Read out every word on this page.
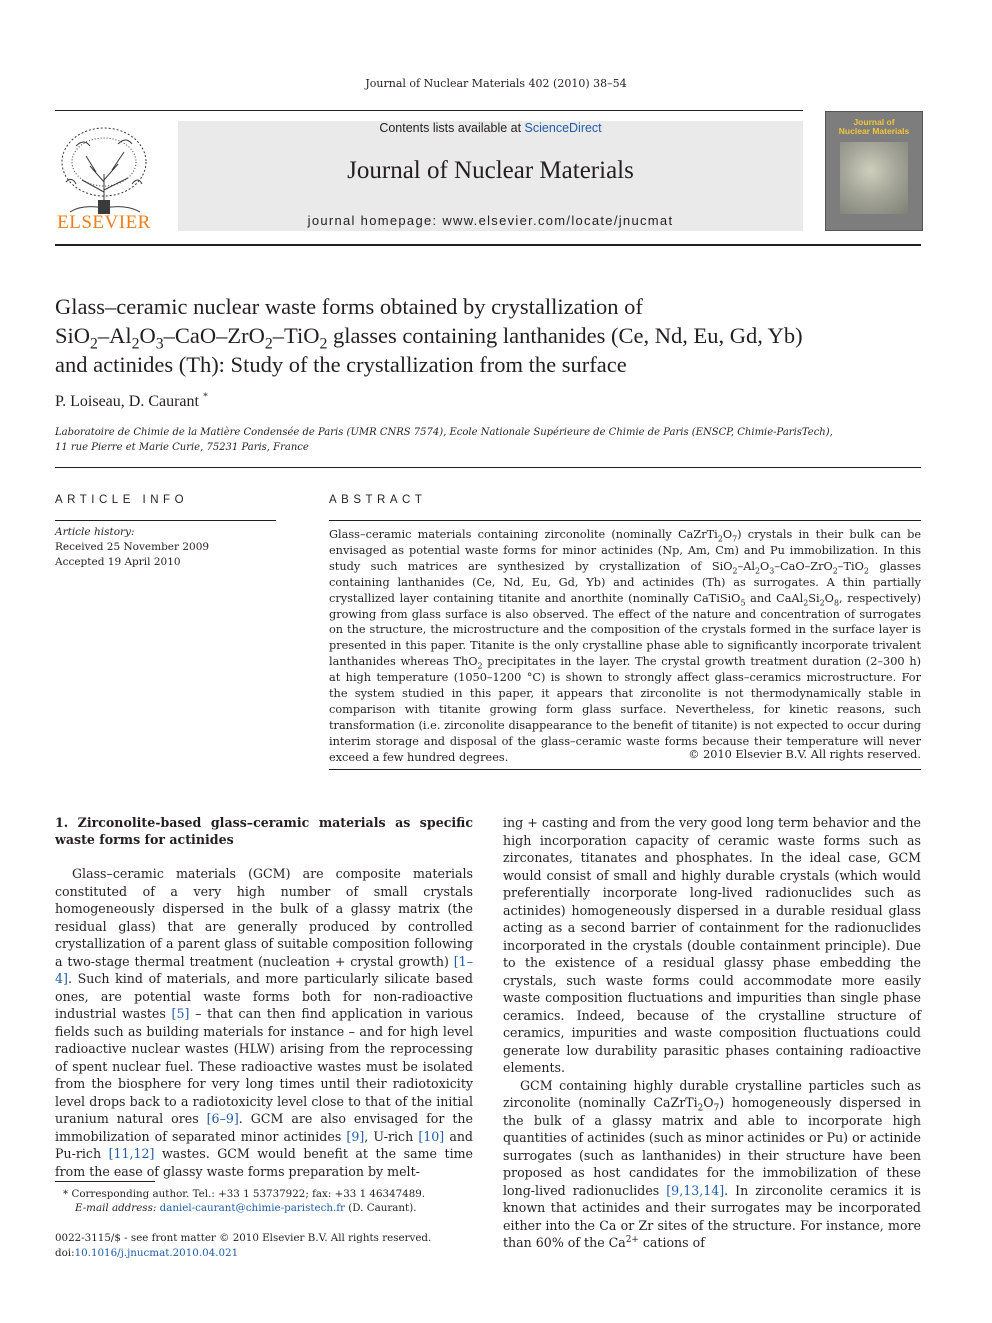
Journal of Nuclear Materials 402 (2010) 38–54
ELSEVIER
Contents lists available at ScienceDirect
Journal of Nuclear Materials
journal homepage: www.elsevier.com/locate/jnucmat
Journal of
Nuclear Materials
Glass–ceramic nuclear waste forms obtained by crystallization of
$SiO_2-Al_2O_3-CaO-ZrO_2-TiO_2$ glasses containing lanthanides (Ce, Nd, Eu, Gd, Yb)
and actinides (Th): Study of the crystallization from the surface
P. Loiseau, D. Caurant *
Laboratoire de Chimie de la Matière Condensée de Paris (UMR CNRS 7574), Ecole Nationale Supérieure de Chimie de Paris (ENSCP, Chimie-ParisTech),
11 rue Pierre et Marie Curie, 75231 Paris, France
ARTICLE INFO	ABSTRACT
Article history:
Received 25 November 2009
Accepted 19 April 2010
Glass–ceramic materials containing zirconolite (nominally $CaZrTi_2O_7$) crystals in their bulk can be envisaged as potential waste forms for minor actinides (Np, Am, Cm) and Pu immobilization. In this study such matrices are synthesized by crystallization of $SiO_2-Al_2O_3-CaO-ZrO_2-TiO_2$ glasses containing lanthanides (Ce, Nd, Eu, Gd, Yb) and actinides (Th) as surrogates. A thin partially crystallized layer containing titanite and anorthite (nominally CaTiSiO$_5$ and $CaAl_2Si_2O_8$, respectively) growing from glass surface is also observed. The effect of the nature and concentration of surrogates on the structure, the microstructure and the composition of the crystals formed in the surface layer is presented in this paper. Titanite is the only crystalline phase able to significantly incorporate trivalent lanthanides whereas ThO$_2$ precipitates in the layer. The crystal growth treatment duration (2–300 h) at high temperature (1050–1200 °C) is shown to strongly affect glass–ceramics microstructure. For the system studied in this paper, it appears that zirconolite is not thermodynamically stable in comparison with titanite growing form glass surface. Nevertheless, for kinetic reasons, such transformation (i.e. zirconolite disappearance to the benefit of titanite) is not expected to occur during interim storage and disposal of the glass–ceramic waste forms because their temperature will never exceed a few hundred degrees.	© 2010 Elsevier B.V. All rights reserved.

1. Zirconolite-based glass–ceramic materials as specific waste forms for actinides

Glass–ceramic materials (GCM) are composite materials constituted of a very high number of small crystals homogeneously dispersed in the bulk of a glassy matrix (the residual glass) that are generally produced by controlled crystallization of a parent glass of suitable composition following a two-stage thermal treatment (nucleation + crystal growth) [1–4]. Such kind of materials, and more particularly silicate based ones, are potential waste forms both for non-radioactive industrial wastes [5] – that can then find application in various fields such as building materials for instance – and for high level radioactive nuclear wastes (HLW) arising from the reprocessing of spent nuclear fuel. These radioactive wastes must be isolated from the biosphere for very long times until their radiotoxicity level drops back to a radiotoxicity level close to that of the initial uranium natural ores [6–9]. GCM are also envisaged for the immobilization of separated minor actinides [9], U-rich [10] and Pu-rich [11,12] wastes. GCM would benefit at the same time from the ease of glassy waste forms preparation by melt-

ing + casting and from the very good long term behavior and the high incorporation capacity of ceramic waste forms such as zirconates, titanates and phosphates. In the ideal case, GCM would consist of small and highly durable crystals (which would preferentially incorporate long-lived radionuclides such as actinides) homogeneously dispersed in a durable residual glass acting as a second barrier of containment for the radionuclides incorporated in the crystals (double containment principle). Due to the existence of a residual glassy phase embedding the crystals, such waste forms could accommodate more easily waste composition fluctuations and impurities than single phase ceramics. Indeed, because of the crystalline structure of ceramics, impurities and waste composition fluctuations could generate low durability parasitic phases containing radioactive elements.

GCM containing highly durable crystalline particles such as zirconolite (nominally $CaZrTi_2O_7$) homogeneously dispersed in the bulk of a glassy matrix and able to incorporate high quantities of actinides (such as minor actinides or Pu) or actinide surrogates (such as lanthanides) in their structure have been proposed as host candidates for the immobilization of these long-lived radionuclides [9,13,14]. In zirconolite ceramics it is known that actinides and their surrogates may be incorporated either into the Ca or Zr sites of the structure. For instance, more than 60% of the $Ca^{2+}$ cations of

* Corresponding author. Tel.: +33 1 53737922; fax: +33 1 46347489.
E-mail address: daniel-caurant@chimie-paristech.fr (D. Caurant).
0022-3115/$ - see front matter © 2010 Elsevier B.V. All rights reserved.
doi:10.1016/j.jnucmat.2010.04.021
